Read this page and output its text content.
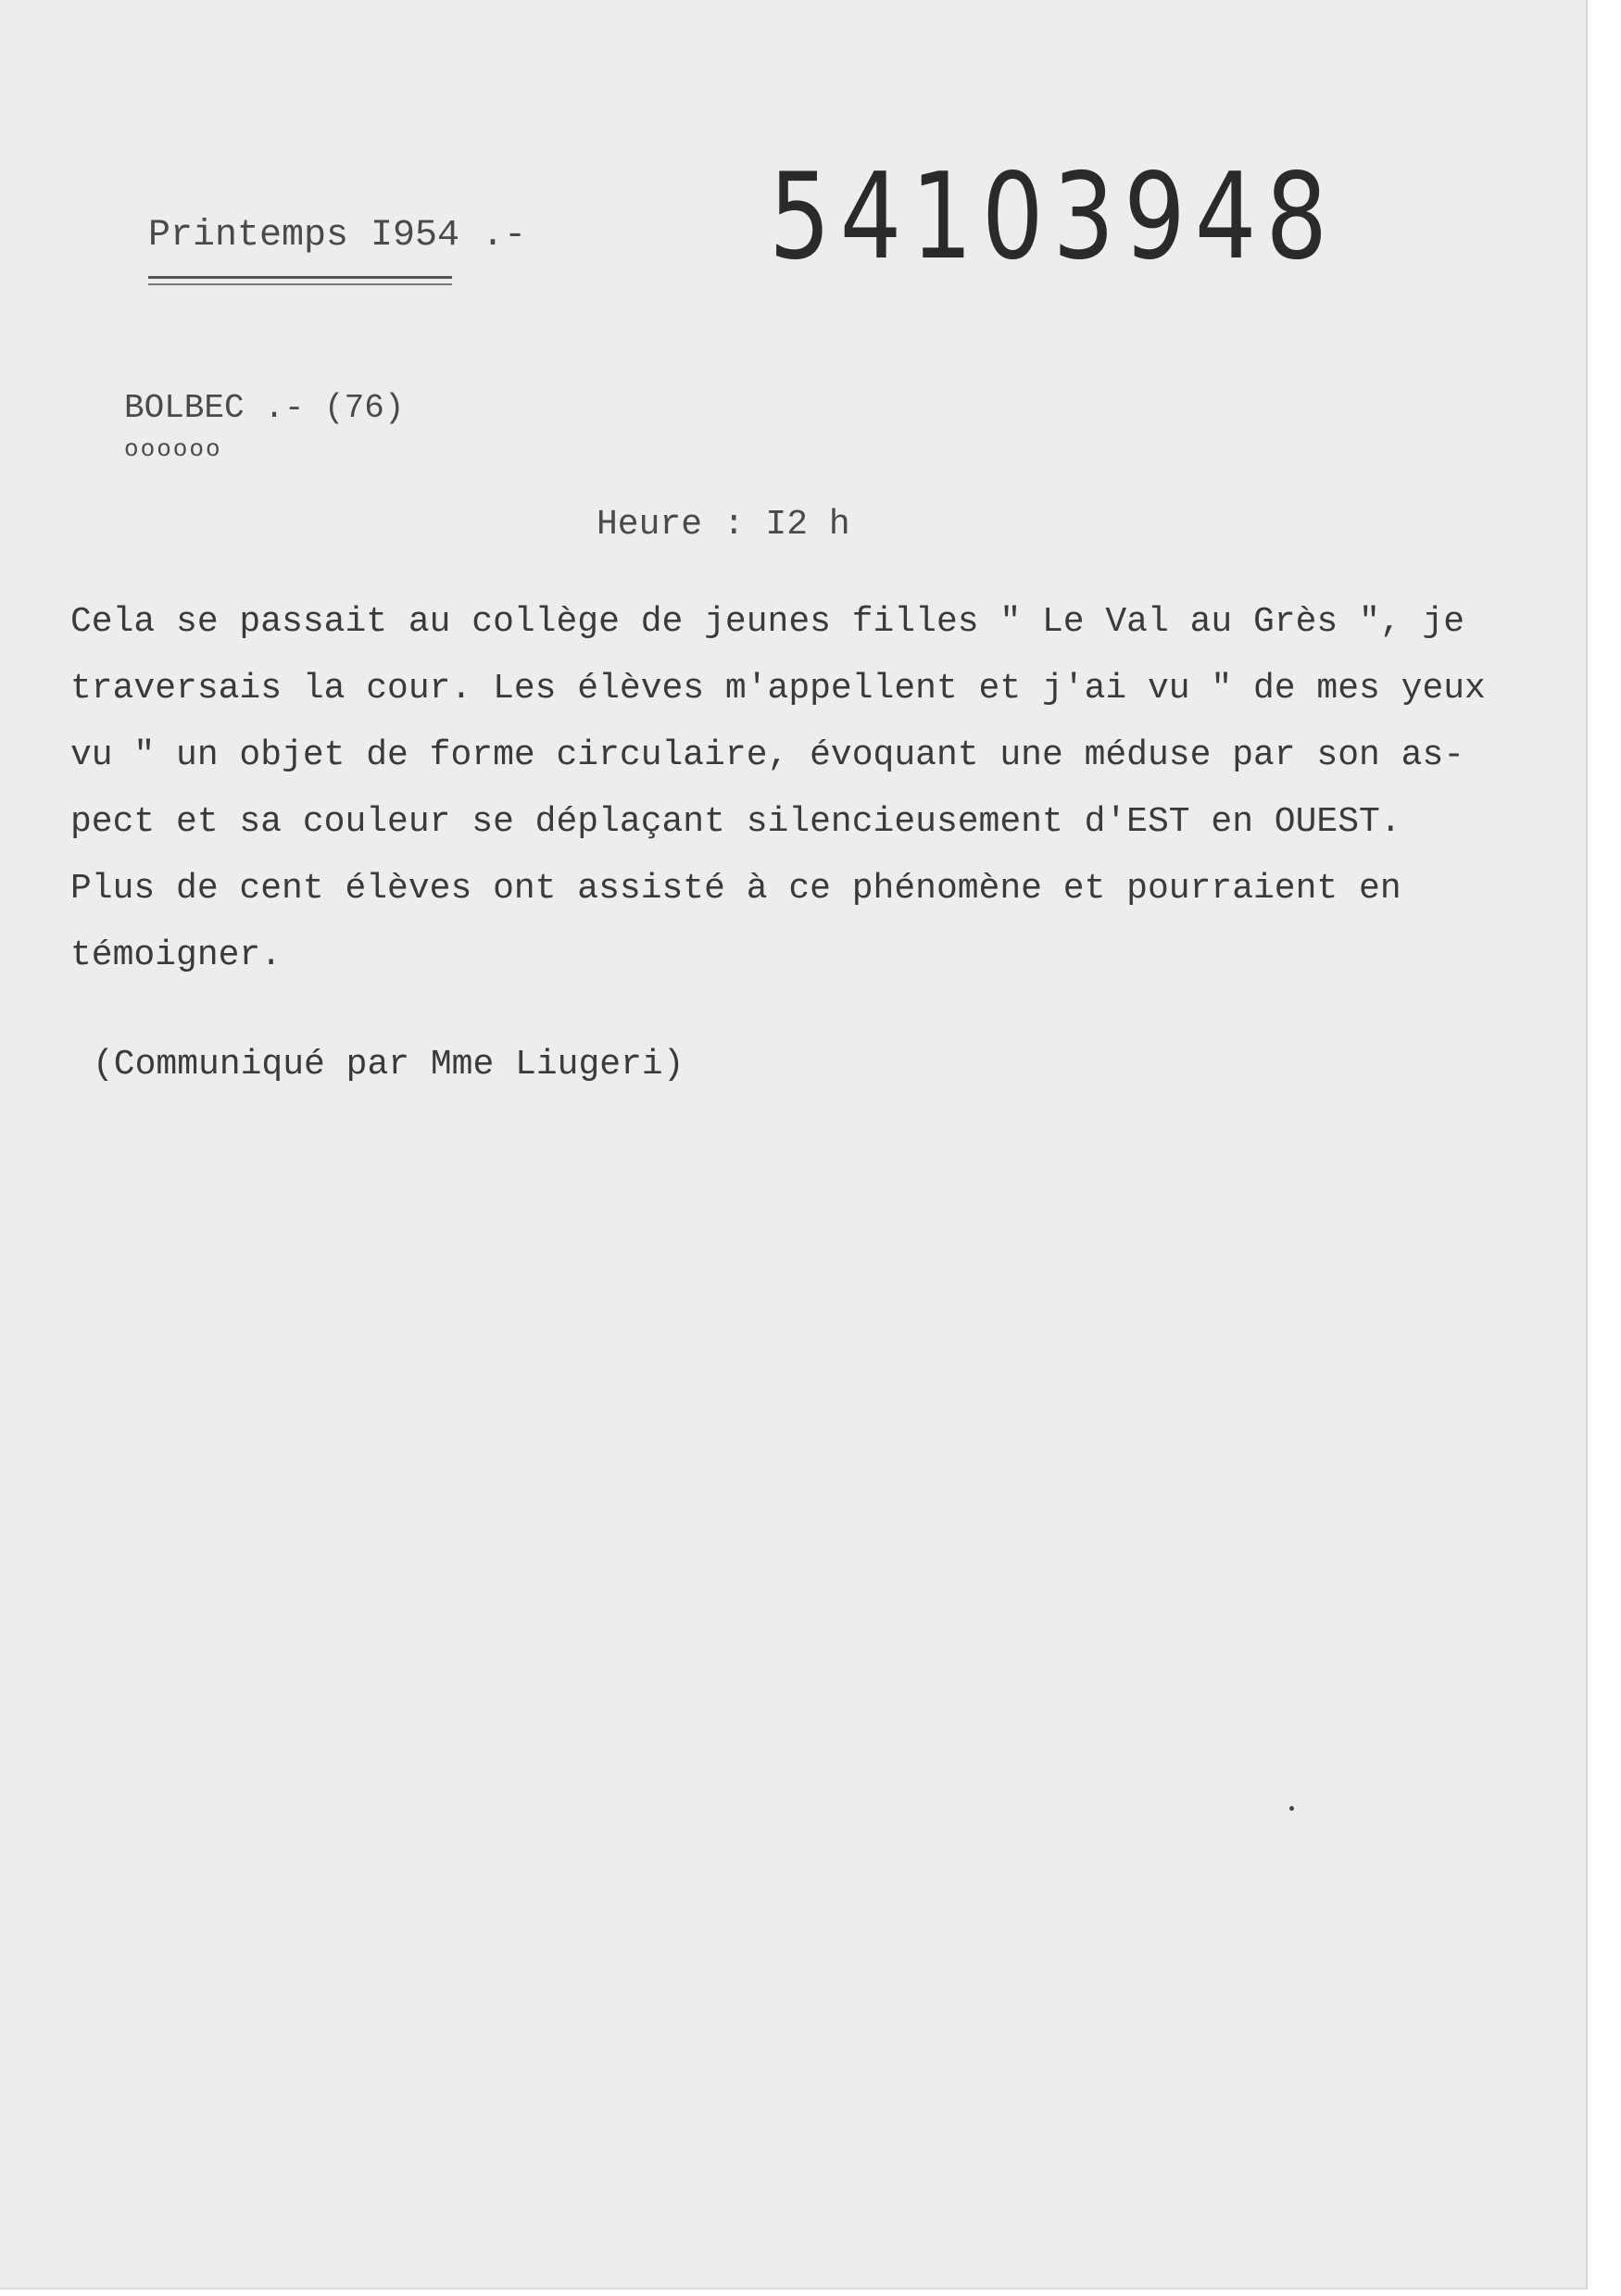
Printemps I954 .- 54103948
BOLBEC .- (76)
oooooo
Heure : I2 h
Cela se passait au collège de jeunes filles " Le Val au Grès ", je
traversais la cour. Les élèves m'appellent et j'ai vu " de mes yeux
vu " un objet de forme circulaire, évoquant une méduse par son as-
pect et sa couleur se déplaçant silencieusement d'EST en OUEST.
Plus de cent élèves ont assisté à ce phénomène et pourraient en
témoigner.
(Communiqué par Mme Liugeri)
